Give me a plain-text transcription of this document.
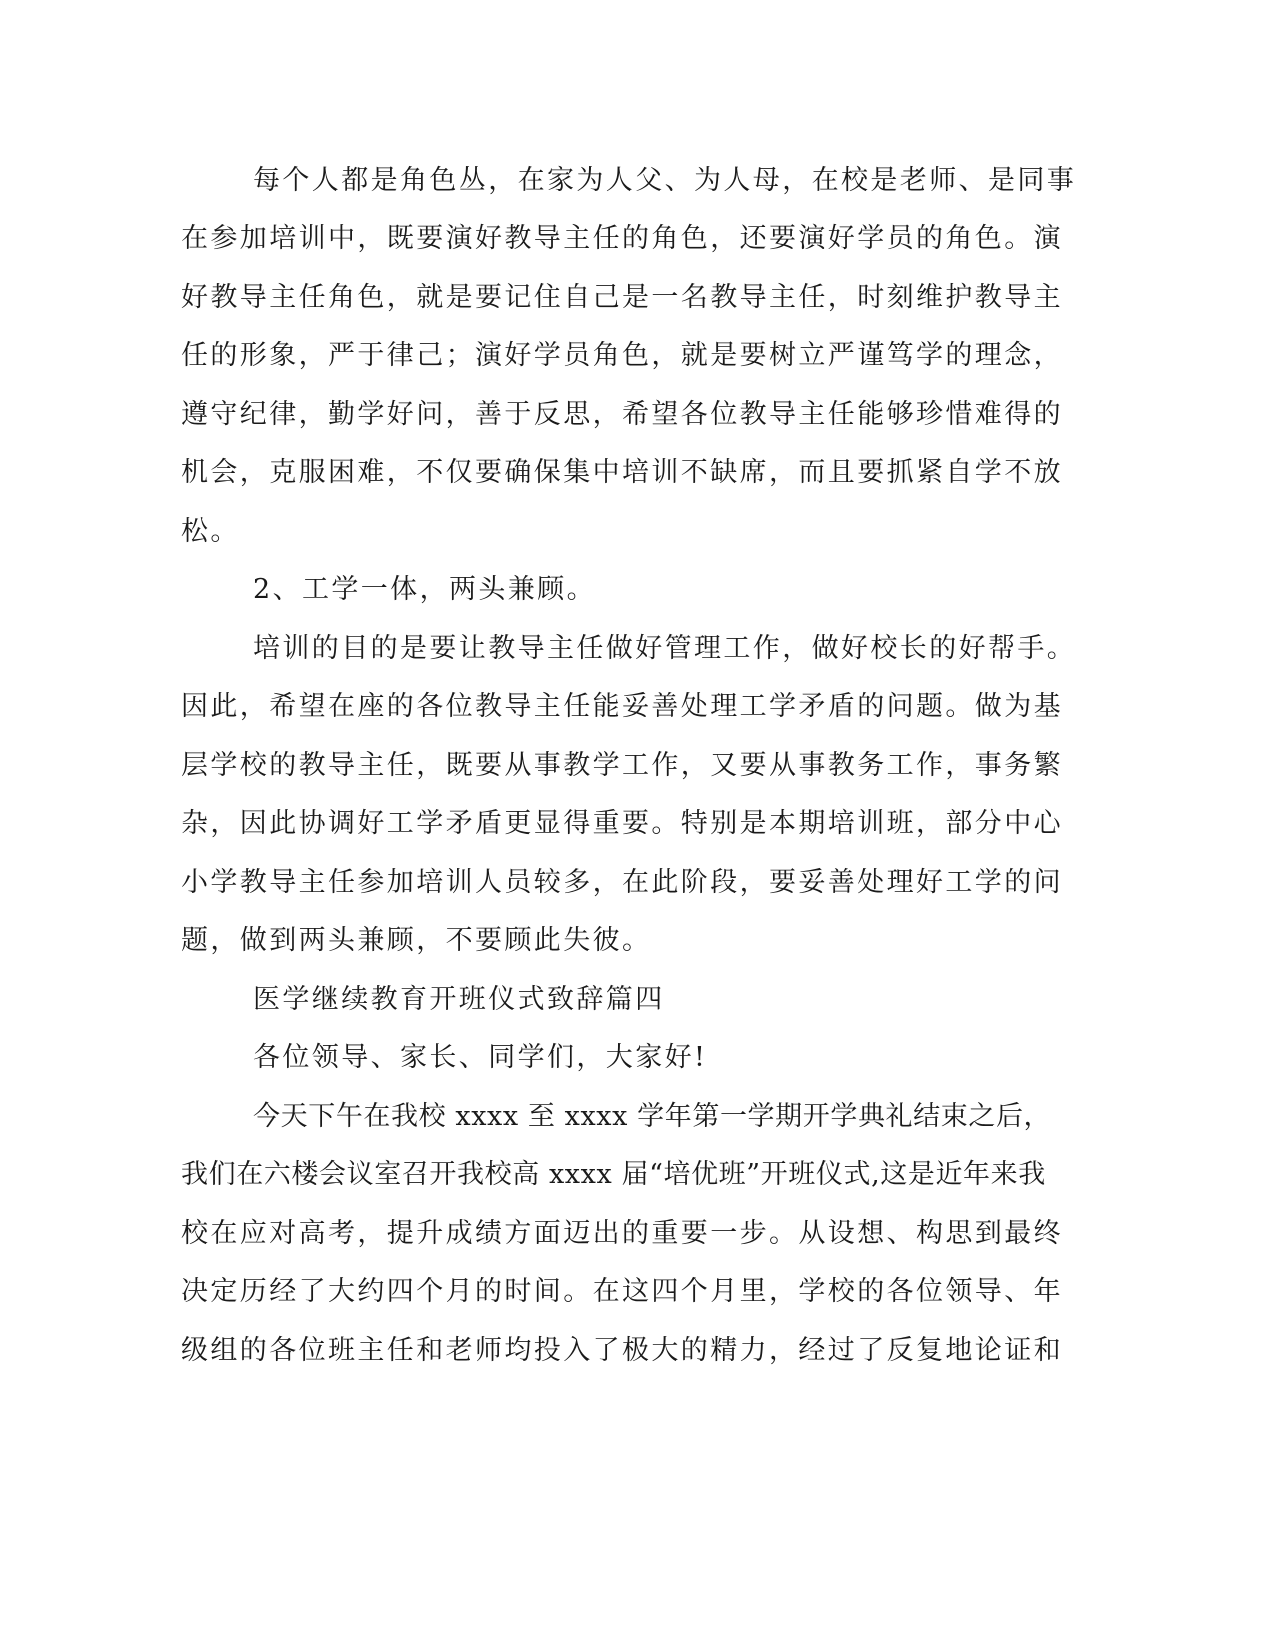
每个人都是角色丛，在家为人父、为人母，在校是老师、是同事
在参加培训中，既要演好教导主任的角色，还要演好学员的角色。演
好教导主任角色，就是要记住自己是一名教导主任，时刻维护教导主
任的形象，严于律己；演好学员角色，就是要树立严谨笃学的理念，
遵守纪律，勤学好问，善于反思，希望各位教导主任能够珍惜难得的
机会，克服困难，不仅要确保集中培训不缺席，而且要抓紧自学不放
松。
2、工学一体，两头兼顾。
培训的目的是要让教导主任做好管理工作，做好校长的好帮手。
因此，希望在座的各位教导主任能妥善处理工学矛盾的问题。做为基
层学校的教导主任，既要从事教学工作，又要从事教务工作，事务繁
杂，因此协调好工学矛盾更显得重要。特别是本期培训班，部分中心
小学教导主任参加培训人员较多，在此阶段，要妥善处理好工学的问
题，做到两头兼顾，不要顾此失彼。
医学继续教育开班仪式致辞篇四
各位领导、家长、同学们，大家好!
今天下午在我校 xxxx 至 xxxx 学年第一学期开学典礼结束之后，
我们在六楼会议室召开我校高 xxxx 届“培优班”开班仪式,这是近年来我
校在应对高考，提升成绩方面迈出的重要一步。从设想、构思到最终
决定历经了大约四个月的时间。在这四个月里，学校的各位领导、年
级组的各位班主任和老师均投入了极大的精力，经过了反复地论证和
